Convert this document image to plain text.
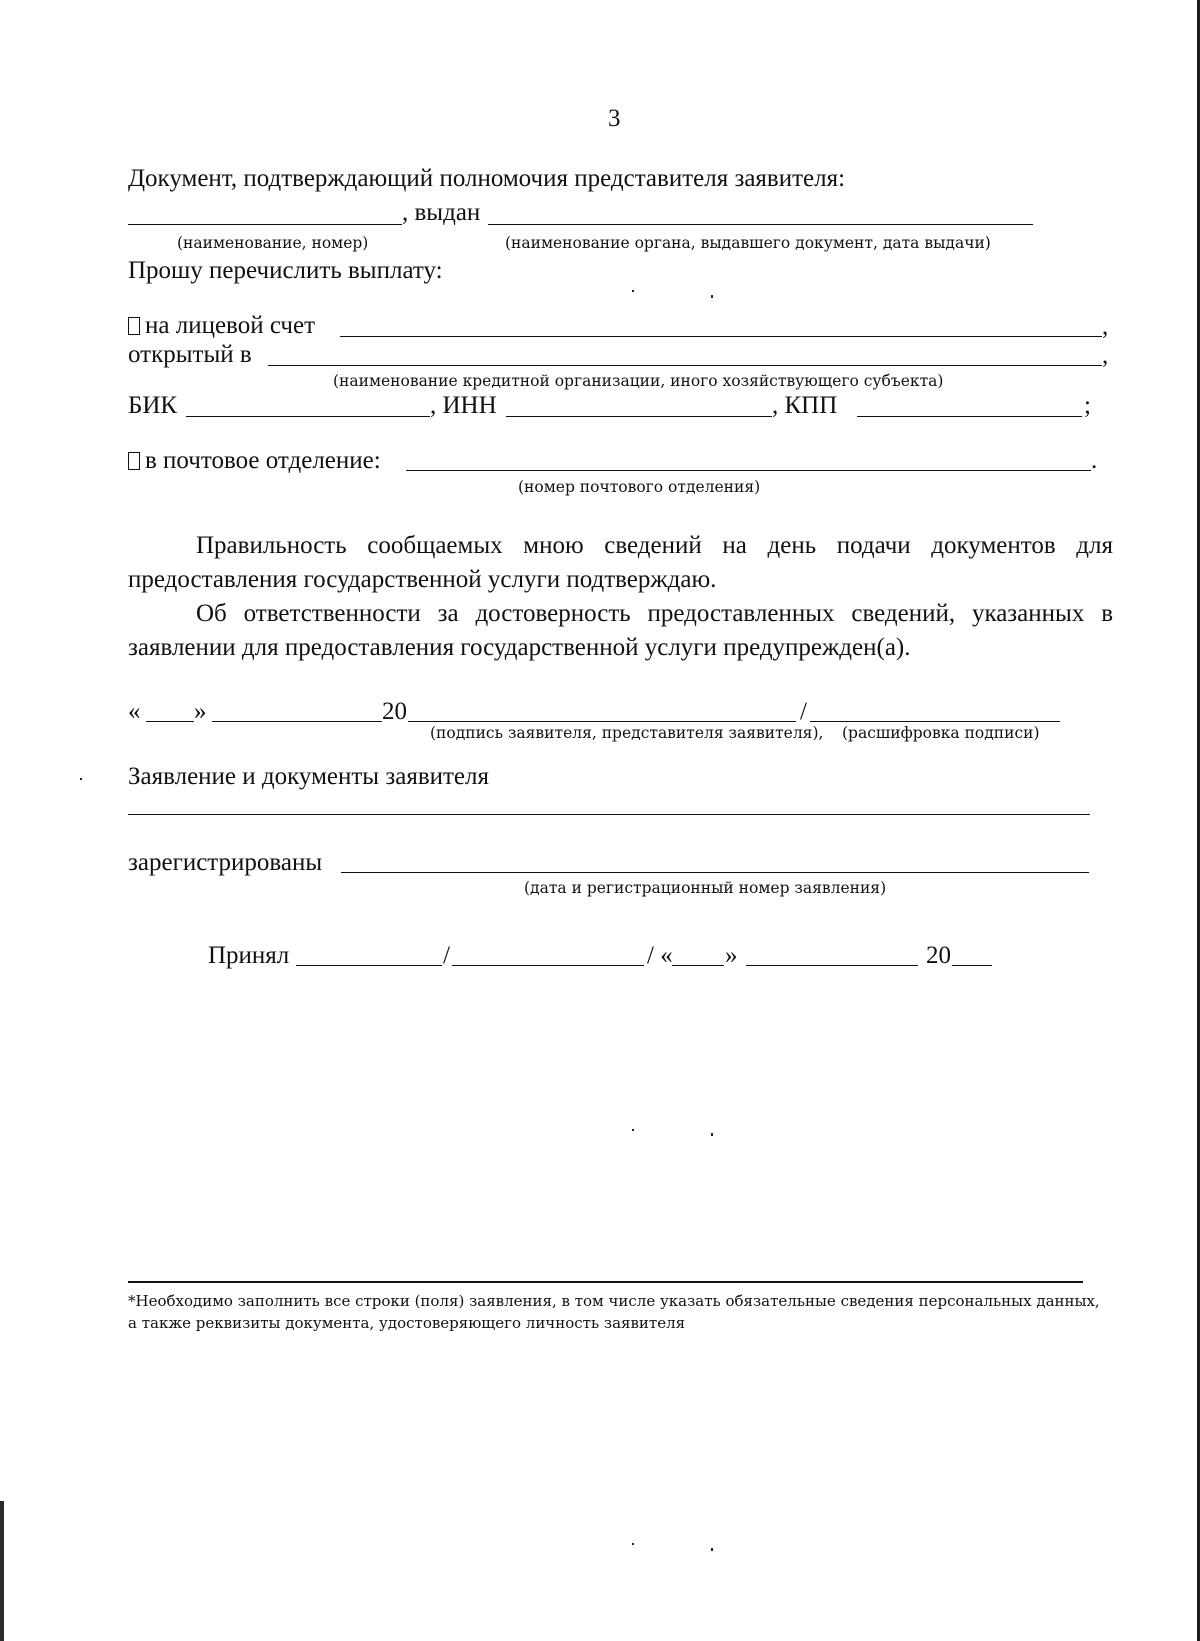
3
Документ, подтверждающий полномочия представителя заявителя:
, выдан
(наименование, номер)	(наименование органа, выдавшего документ, дата выдачи)
Прошу перечислить выплату:
на лицевой счет	,
открытый в	,
(наименование кредитной организации, иного хозяйствующего субъекта)
БИК	, ИНН	, КПП	;
в почтовое отделение:	.
(номер почтового отделения)
Правильность сообщаемых мною сведений на день подачи документов для предоставления государственной услуги подтверждаю.
Об ответственности за достоверность предоставленных сведений, указанных в заявлении для предоставления государственной услуги предупрежден(а).
« »	20	/
(подпись заявителя, представителя заявителя), (расшифровка подписи)
Заявление и документы заявителя
зарегистрированы
(дата и регистрационный номер заявления)
Принял	/	/ « »	20
*Необходимо заполнить все строки (поля) заявления, в том числе указать обязательные сведения персональных данных,
а также реквизиты документа, удостоверяющего личность заявителя
